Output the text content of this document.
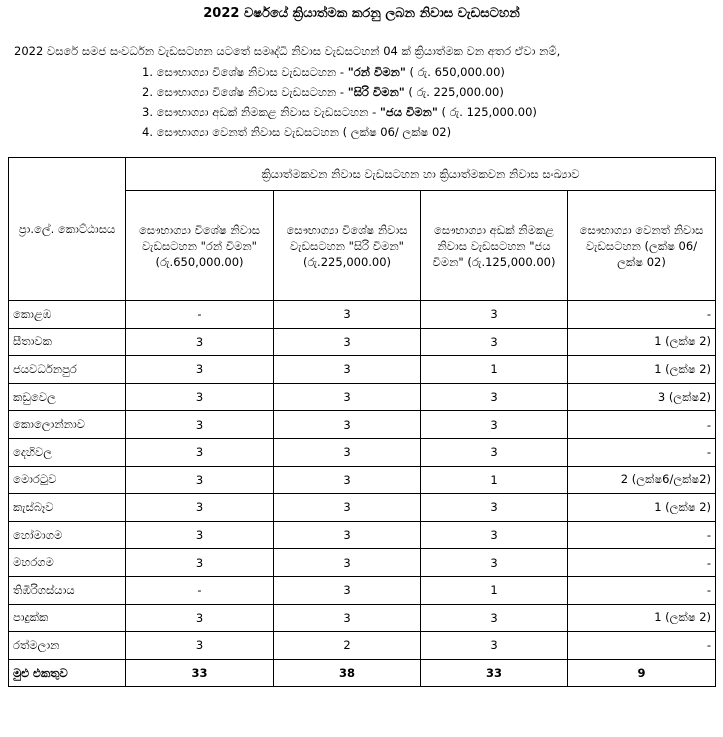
2022 වර්ෂයේ ක්‍රියාත්මක කරනු ලබන නිවාස වැඩසටහන්
2022 වසරේ සමජ සංවර්ධන වැඩසටහන යටතේ සමෘද්ධි නිවාස වැඩසටහන් 04 ක් ක්‍රියාත්මක වන අතර ඒවා නම්,
1. සෞභාග්‍යා විශේෂ නිවාස වැඩසටහන - "රන් විමන" ( රු. 650,000.00)
2. සෞභාග්‍යා විශේෂ නිවාස වැඩසටහන - "සිරි විමන" ( රු. 225,000.00)
3. සෞභාග්‍යා අඩක් නිමකළ නිවාස වැඩසටහන - "ජය විමන" ( රු. 125,000.00)
4. සෞභාග්‍යා වෙනත් නිවාස වැඩසටහන ( ලක්ෂ 06/ ලක්ෂ 02)
ප්‍රා.ලේ. කොට්ඨාසය	ක්‍රියාත්මකවන නිවාස වැඩසටහන හා ක්‍රියාත්මකවන නිවාස සංඛ්‍යාව			
	සෞභාග්‍යා විශේෂ නිවාස වැඩසටහන "රන් විමන" (රු.650,000.00)	සෞභාග්‍යා විශේෂ නිවාස වැඩසටහන "සිරි විමන" (රු.225,000.00)	සෞභාග්‍යා අඩක් නිමකළ නිවාස වැඩසටහන "ජය විමන" (රු.125,000.00)	සෞභාග්‍යා වෙනත් නිවාස වැඩසටහන (ලක්ෂ 06/ ලක්ෂ 02)
කොළඹ	-	3	3	-
සීතාවක	3	3	3	1 (ලක්ෂ 2)
ජයවර්ධනපුර	3	3	1	1 (ලක්ෂ 2)
කඩුවෙල	3	3	3	3 (ලක්ෂ2)
කොලොන්නාව	3	3	3	-
දෙහිවල	3	3	3	-
මොරටුව	3	3	1	2 (ලක්ෂ6/ලක්ෂ2)
කැස්බෑව	3	3	3	1 (ලක්ෂ 2)
හෝමාගම	3	3	3	-
මහරගම	3	3	3	-
තිඹිරිගස්යාය	-	3	1	-
පාදුක්ක	3	3	3	1 (ලක්ෂ 2)
රත්මලාන	3	2	3	-
මුළු එකතුව	33	38	33	9
